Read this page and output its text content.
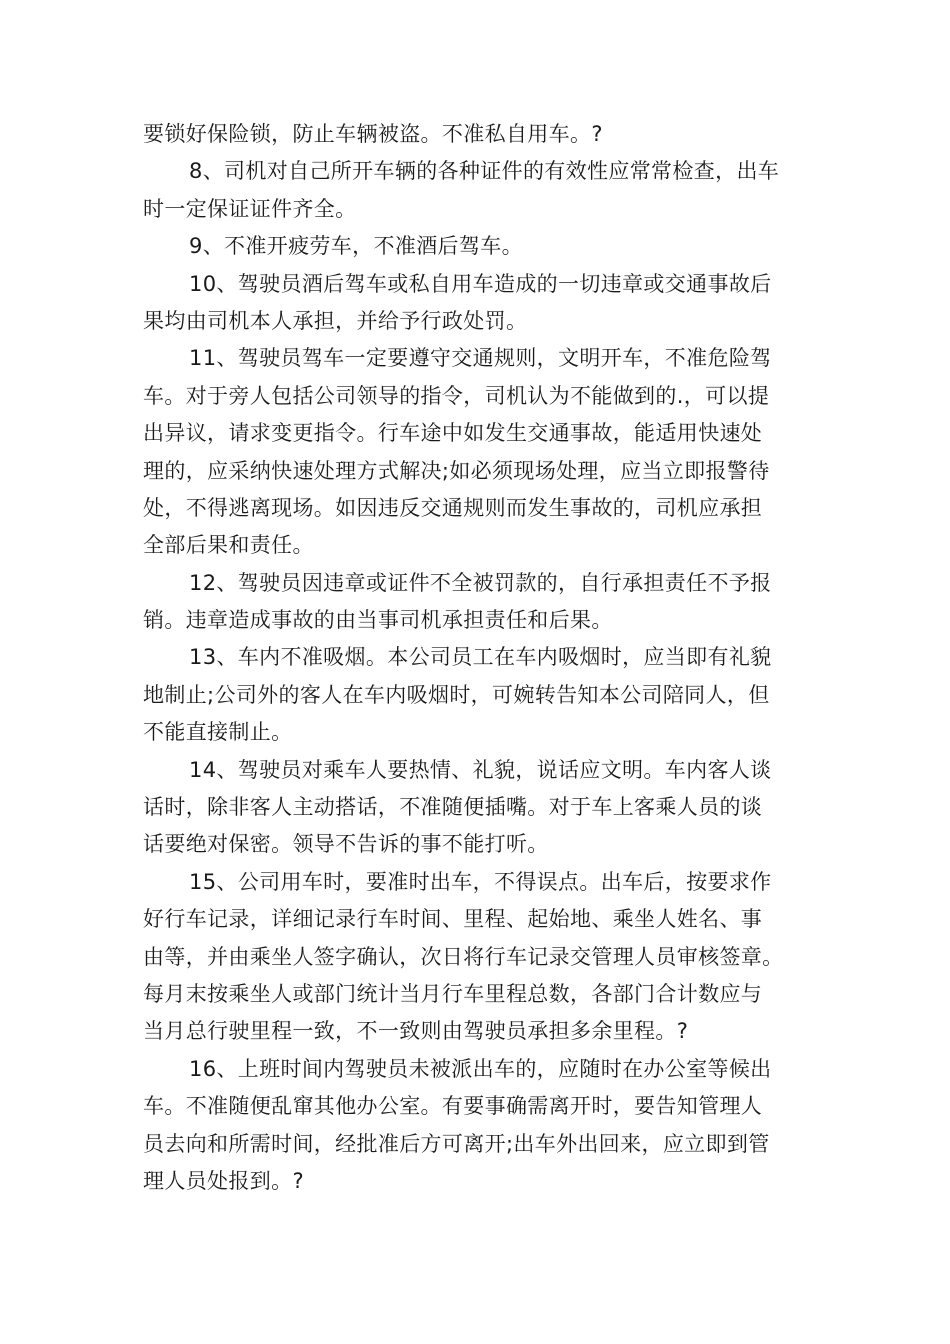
要锁好保险锁，防止车辆被盗。不准私自用车。?
8、司机对自己所开车辆的各种证件的有效性应常常检查，出车
时一定保证证件齐全。
9、不准开疲劳车，不准酒后驾车。
10、驾驶员酒后驾车或私自用车造成的一切违章或交通事故后
果均由司机本人承担，并给予行政处罚。
11、驾驶员驾车一定要遵守交通规则，文明开车，不准危险驾
车。对于旁人包括公司领导的指令，司机认为不能做到的.，可以提
出异议，请求变更指令。行车途中如发生交通事故，能适用快速处
理的，应采纳快速处理方式解决;如必须现场处理，应当立即报警待
处，不得逃离现场。如因违反交通规则而发生事故的，司机应承担
全部后果和责任。
12、驾驶员因违章或证件不全被罚款的，自行承担责任不予报
销。违章造成事故的由当事司机承担责任和后果。
13、车内不准吸烟。本公司员工在车内吸烟时，应当即有礼貌
地制止;公司外的客人在车内吸烟时，可婉转告知本公司陪同人，但
不能直接制止。
14、驾驶员对乘车人要热情、礼貌，说话应文明。车内客人谈
话时，除非客人主动搭话，不准随便插嘴。对于车上客乘人员的谈
话要绝对保密。领导不告诉的事不能打听。
15、公司用车时，要准时出车，不得误点。出车后，按要求作
好行车记录，详细记录行车时间、里程、起始地、乘坐人姓名、事
由等，并由乘坐人签字确认，次日将行车记录交管理人员审核签章。
每月末按乘坐人或部门统计当月行车里程总数，各部门合计数应与
当月总行驶里程一致，不一致则由驾驶员承担多余里程。?
16、上班时间内驾驶员未被派出车的，应随时在办公室等候出
车。不准随便乱窜其他办公室。有要事确需离开时，要告知管理人
员去向和所需时间，经批准后方可离开;出车外出回来，应立即到管
理人员处报到。?
